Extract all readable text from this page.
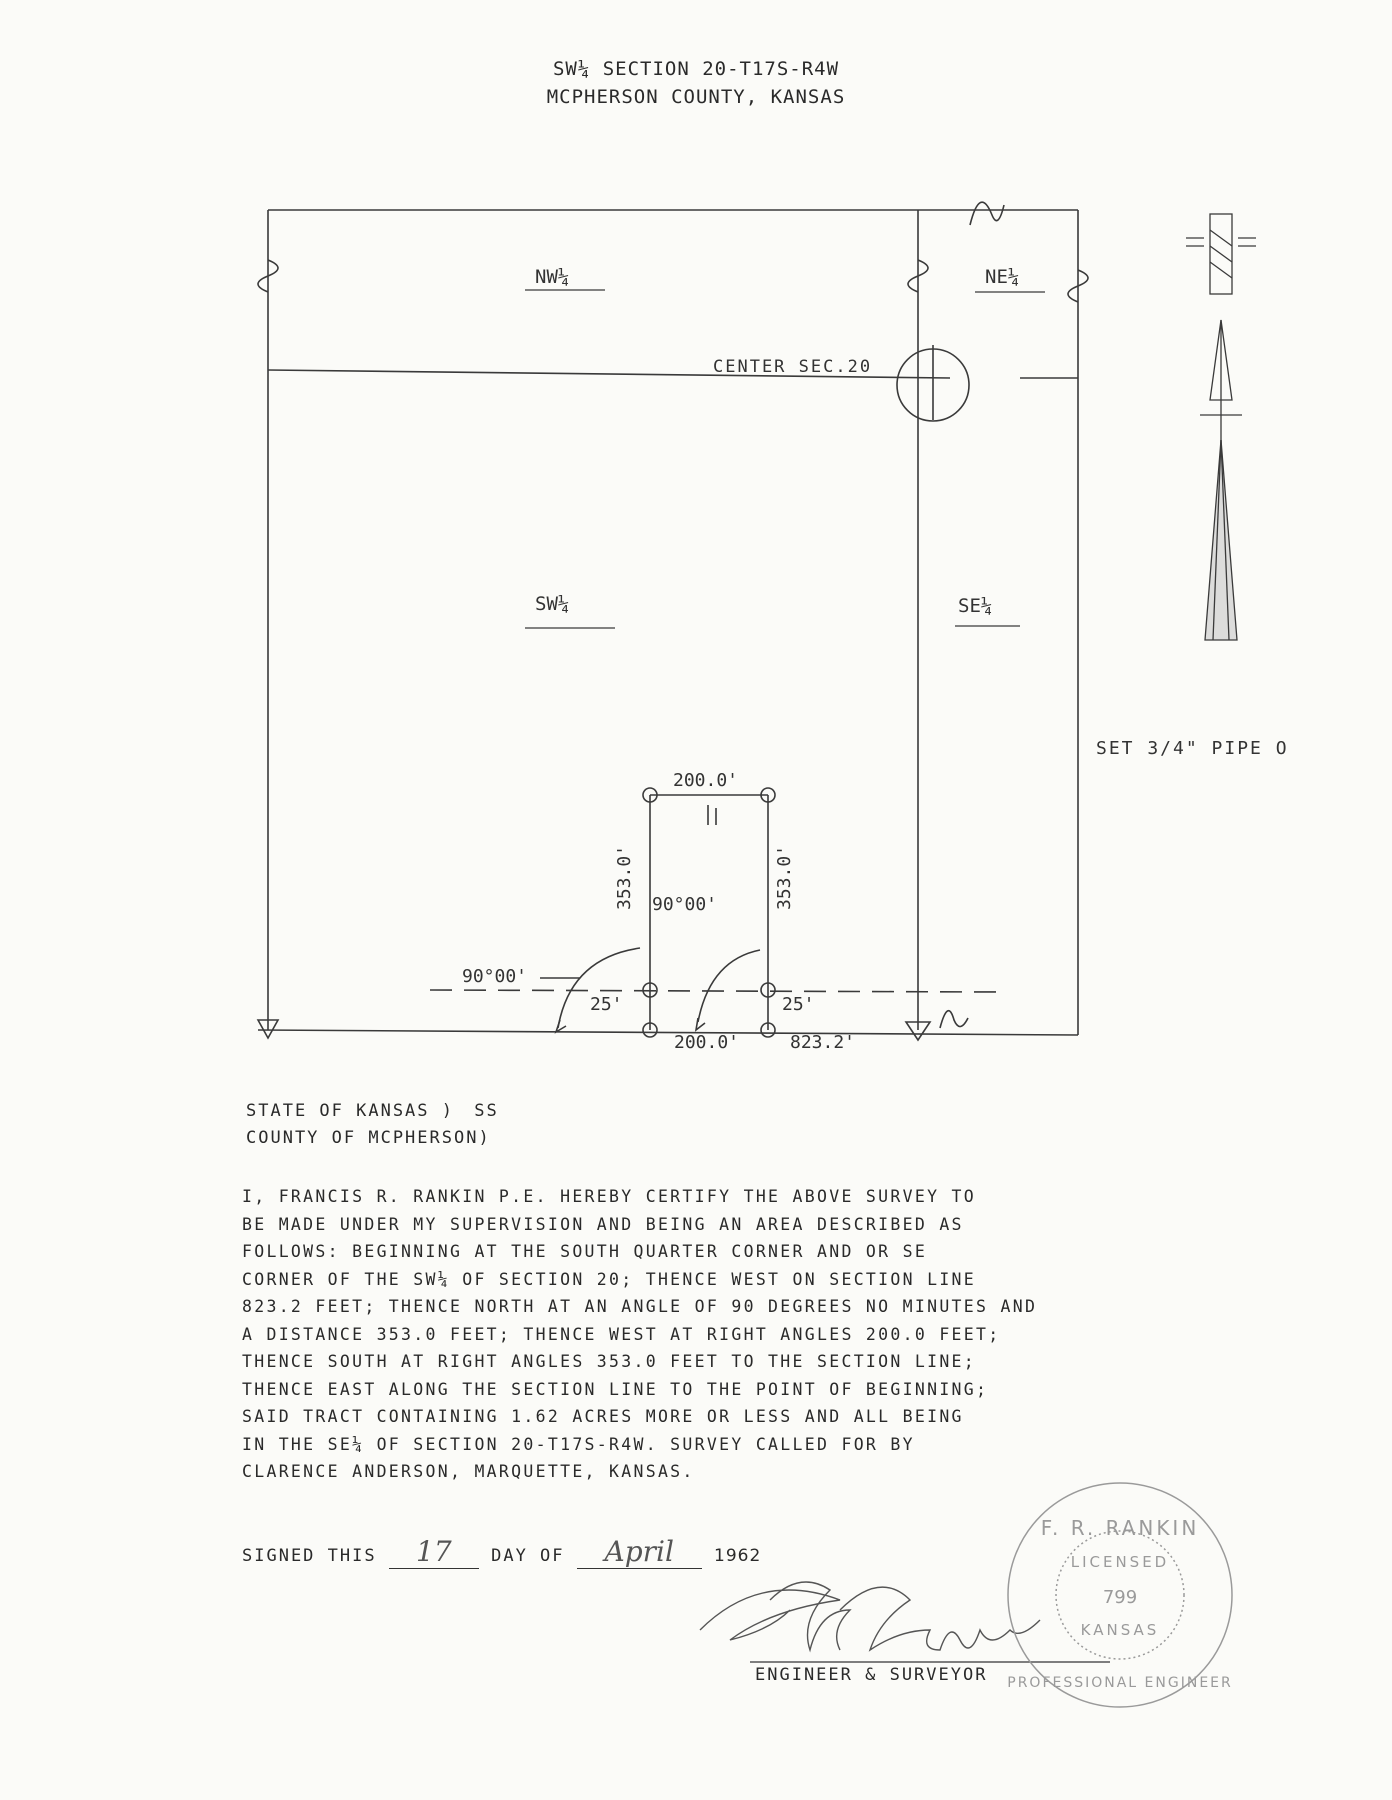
SW¼ SECTION 20-T17S-R4W
MCPHERSON COUNTY, KANSAS
NW¼	NE¼
SW¼	SE¼
CENTER SEC.20
SET 3/4" PIPE O
200.0'
200.0'	823.2'
90°00'
90°00'
25'	25'
353.0'	353.0'
STATE OF KANSAS ) SS
COUNTY OF MCPHERSON)
I, FRANCIS R. RANKIN P.E. HEREBY CERTIFY THE ABOVE SURVEY TO
BE MADE UNDER MY SUPERVISION AND BEING AN AREA DESCRIBED AS
FOLLOWS: BEGINNING AT THE SOUTH QUARTER CORNER AND OR SE
CORNER OF THE SW¼ OF SECTION 20; THENCE WEST ON SECTION LINE
823.2 FEET; THENCE NORTH AT AN ANGLE OF 90 DEGREES NO MINUTES AND
A DISTANCE 353.0 FEET; THENCE WEST AT RIGHT ANGLES 200.0 FEET;
THENCE SOUTH AT RIGHT ANGLES 353.0 FEET TO THE SECTION LINE;
THENCE EAST ALONG THE SECTION LINE TO THE POINT OF BEGINNING;
SAID TRACT CONTAINING 1.62 ACRES MORE OR LESS AND ALL BEING
IN THE SE¼ OF SECTION 20-T17S-R4W. SURVEY CALLED FOR BY
CLARENCE ANDERSON, MARQUETTE, KANSAS.
SIGNED THIS 17 DAY OF April 1962
ENGINEER & SURVEYOR
F. R. RANKIN
LICENSED
799
KANSAS
PROFESSIONAL ENGINEER
